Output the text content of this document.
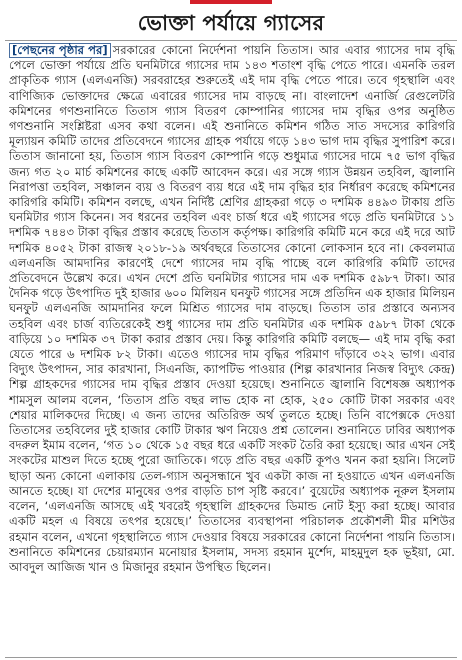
ভোক্তা পর্যায়ে গ্যাসের

[পেছনের পৃষ্ঠার পর] সরকারের কোনো নির্দেশনা পায়নি তিতাস। আর এবার গ্যাসের দাম বৃদ্ধি পেলে ভোক্তা পর্যায়ে প্রতি ঘনমিটারে গ্যাসের দাম ১৪৩ শতাংশ বৃদ্ধি পেতে পারে। এমনকি তরল প্রাকৃতিক গ্যাস (এলএনজি) সরবরাহের শুরুতেই এই দাম বৃদ্ধি পেতে পারে। তবে গৃহস্থালি এবং বাণিজ্যিক ভোক্তাদের ক্ষেত্রে এবারের গ্যাসের দাম বাড়ছে না। বাংলাদেশ এনার্জি রেগুলেটরি কমিশনের গণশুনানিতে তিতাস গ্যাস বিতরণ কোম্পানির গ্যাসের দাম বৃদ্ধির ওপর অনুষ্ঠিত গণশুনানি সংশ্লিষ্টরা এসব কথা বলেন। এই শুনানিতে কমিশন গঠিত সাত সদস্যের কারিগরি মূল্যায়ন কমিটি তাদের প্রতিবেদনে গ্যাসের গ্রাহক পর্যায়ে গড়ে ১৪৩ ভাগ দাম বৃদ্ধির সুপারিশ করে। তিতাস জানানো হয়, তিতাস গ্যাস বিতরণ কোম্পানি গড়ে শুধুমাত্র গ্যাসের দামে ৭৫ ভাগ বৃদ্ধির জন্য গত ২০ মার্চ কমিশনের কাছে একটি আবেদন করে। এর সঙ্গে গ্যাস উন্নয়ন তহবিল, জ্বালানি নিরাপত্তা তহবিল, সঞ্চালন ব্যয় ও বিতরণ ব্যয় ধরে এই দাম বৃদ্ধির হার নির্ধারণ করেছে কমিশনের কারিগরি কমিটি। কমিশন বলছে, এখন নির্দিষ্ট শ্রেণির গ্রাহকরা গড়ে ৩ দশমিক ৪৪৯৩ টাকায় প্রতি ঘনমিটার গ্যাস কিনেন। সব ধরনের তহবিল এবং চার্জ ধরে এই গ্যাসের গড়ে প্রতি ঘনমিটারে ১১ দশমিক ৭৪৪৩ টাকা বৃদ্ধির প্রস্তাব করেছে তিতাস কর্তৃপক্ষ। কারিগরি কমিটি মনে করে এই দরে আট দশমিক ৪০৫২ টাকা রাজস্ব ২০১৮-১৯ অর্থবছরে তিতাসের কোনো লোকসান হবে না। কেবলমাত্র এলএনজি আমদানির কারণেই দেশে গ্যাসের দাম বৃদ্ধি পাচ্ছে বলে কারিগরি কমিটি তাদের প্রতিবেদনে উল্লেখ করে। এখন দেশে প্রতি ঘনমিটার গ্যাসের দাম এক দশমিক ৫৯৮৭ টাকা। আর দৈনিক গড়ে উৎপাদিত দুই হাজার ৬০০ মিলিয়ন ঘনফুট গ্যাসের সঙ্গে প্রতিদিন এক হাজার মিলিয়ন ঘনফুট এলএনজি আমদানির ফলে মিশ্রিত গ্যাসের দাম বাড়ছে। তিতাস তার প্রস্তাবে অন্যসব তহবিল এবং চার্জ ব্যতিরেকেই শুধু গ্যাসের দাম প্রতি ঘনমিটার এক দশমিক ৫৯৮৭ টাকা থেকে বাড়িয়ে ১০ দশমিক ৩৭ টাকা করার প্রস্তাব দেয়। কিন্তু কারিগরি কমিটি বলছে— এই দাম বৃদ্ধি করা যেতে পারে ৬ দশমিক ৮২ টাকা। এতেও গ্যাসের দাম বৃদ্ধির পরিমাণ দাঁড়াবে ৩২২ ভাগ। এবার বিদ্যুৎ উৎপাদন, সার কারখানা, সিএনজি, ক্যাপটিভ পাওয়ার (শিল্প কারখানার নিজস্ব বিদ্যুৎ কেন্দ্র) শিল্প গ্রাহকদের গ্যাসের দাম বৃদ্ধির প্রস্তাব দেওয়া হয়েছে। শুনানিতে জ্বালানি বিশেষজ্ঞ অধ্যাপক শামসুল আলম বলেন, ‘তিতাস প্রতি বছর লাভ হোক না হোক, ২৫০ কোটি টাকা সরকার এবং শেয়ার মালিকদের দিচ্ছে। এ জন্য তাদের অতিরিক্ত অর্থ তুলতে হচ্ছে। তিনি বাপেক্সকে দেওয়া তিতাসের তহবিলের দুই হাজার কোটি টাকার ঋণ নিয়েও প্রশ্ন তোলেন। শুনানিতে ঢাবির অধ্যাপক বদরুল ইমাম বলেন, ‘গত ১০ থেকে ১৫ বছর ধরে একটি সংকট তৈরি করা হয়েছে। আর এখন সেই সংকটের মাশুল দিতে হচ্ছে পুরো জাতিকে। গড়ে প্রতি বছর একটি কূপও খনন করা হয়নি। সিলেট ছাড়া অন্য কোনো এলাকায় তেল-গ্যাস অনুসন্ধানে খুব একটা কাজ না হওয়াতে এখন এলএনজি আনতে হচ্ছে। যা দেশের মানুষের ওপর বাড়তি চাপ সৃষ্টি করবে।’ বুয়েটের অধ্যাপক নূরুল ইসলাম বলেন, ‘এলএনজি আসছে এই খবরেই গৃহস্থালি গ্রাহকদের ডিমান্ড নোট ইস্যু করা হচ্ছে। আবার একটি মহল এ বিষয়ে তৎপর হয়েছে।’ তিতাসের ব্যবস্থাপনা পরিচালক প্রকৌশলী মীর মশিউর রহমান বলেন, এখনো গৃহস্থালিতে গ্যাস দেওয়ার বিষয়ে সরকারের কোনো নির্দেশনা পায়নি তিতাস। শুনানিতে কমিশনের চেয়ারম্যান মনোয়ার ইসলাম, সদস্য রহমান মুর্শেদ, মাহমুদুল হক ভূইয়া, মো. আবদুল আজিজ খান ও মিজানুর রহমান উপস্থিত ছিলেন।
